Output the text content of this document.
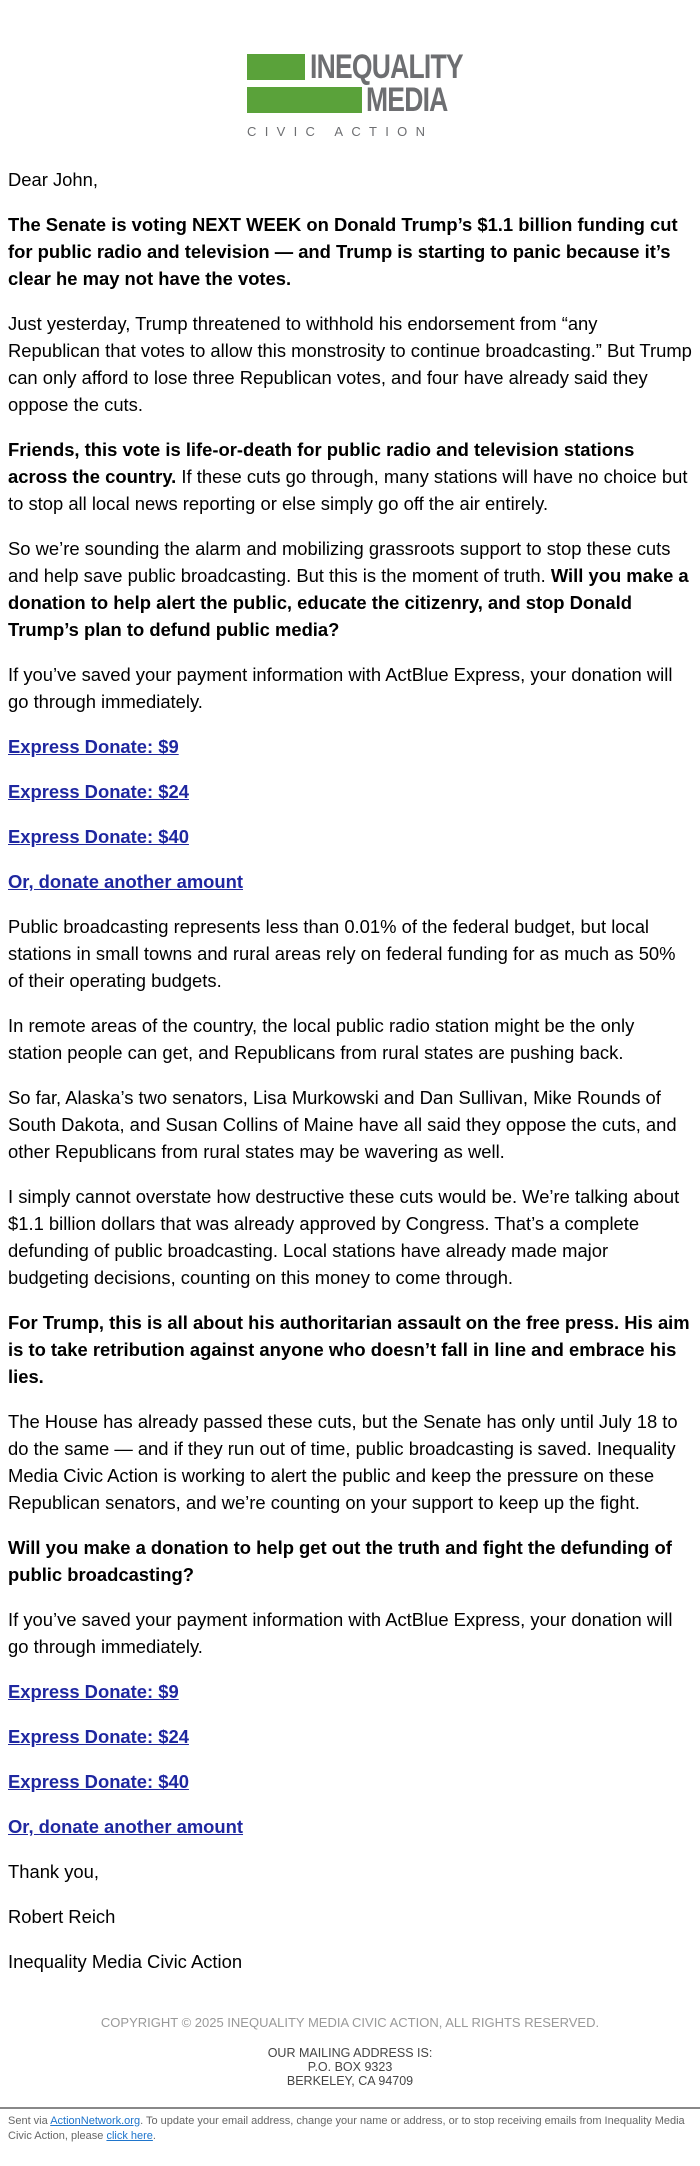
INEQUALITY
MEDIA
CIVIC ACTION

Dear John,

The Senate is voting NEXT WEEK on Donald Trump’s $1.1 billion funding cut for public radio and television — and Trump is starting to panic because it’s clear he may not have the votes.

Just yesterday, Trump threatened to withhold his endorsement from “any Republican that votes to allow this monstrosity to continue broadcasting.” But Trump can only afford to lose three Republican votes, and four have already said they oppose the cuts.

Friends, this vote is life-or-death for public radio and television stations across the country. If these cuts go through, many stations will have no choice but to stop all local news reporting or else simply go off the air entirely.

So we’re sounding the alarm and mobilizing grassroots support to stop these cuts and help save public broadcasting. But this is the moment of truth. Will you make a donation to help alert the public, educate the citizenry, and stop Donald Trump’s plan to defund public media?

If you’ve saved your payment information with ActBlue Express, your donation will go through immediately.

Express Donate: $9

Express Donate: $24

Express Donate: $40

Or, donate another amount

Public broadcasting represents less than 0.01% of the federal budget, but local stations in small towns and rural areas rely on federal funding for as much as 50% of their operating budgets.

In remote areas of the country, the local public radio station might be the only station people can get, and Republicans from rural states are pushing back.

So far, Alaska’s two senators, Lisa Murkowski and Dan Sullivan, Mike Rounds of South Dakota, and Susan Collins of Maine have all said they oppose the cuts, and other Republicans from rural states may be wavering as well.

I simply cannot overstate how destructive these cuts would be. We’re talking about $1.1 billion dollars that was already approved by Congress. That’s a complete defunding of public broadcasting. Local stations have already made major budgeting decisions, counting on this money to come through.

For Trump, this is all about his authoritarian assault on the free press. His aim is to take retribution against anyone who doesn’t fall in line and embrace his lies.

The House has already passed these cuts, but the Senate has only until July 18 to do the same — and if they run out of time, public broadcasting is saved. Inequality Media Civic Action is working to alert the public and keep the pressure on these Republican senators, and we’re counting on your support to keep up the fight.

Will you make a donation to help get out the truth and fight the defunding of public broadcasting?

If you’ve saved your payment information with ActBlue Express, your donation will go through immediately.

Express Donate: $9

Express Donate: $24

Express Donate: $40

Or, donate another amount

Thank you,

Robert Reich

Inequality Media Civic Action

COPYRIGHT © 2025 INEQUALITY MEDIA CIVIC ACTION, ALL RIGHTS RESERVED.

OUR MAILING ADDRESS IS:
P.O. BOX 9323
BERKELEY, CA 94709
Sent via ActionNetwork.org. To update your email address, change your name or address, or to stop receiving emails from Inequality Media Civic Action, please click here.
